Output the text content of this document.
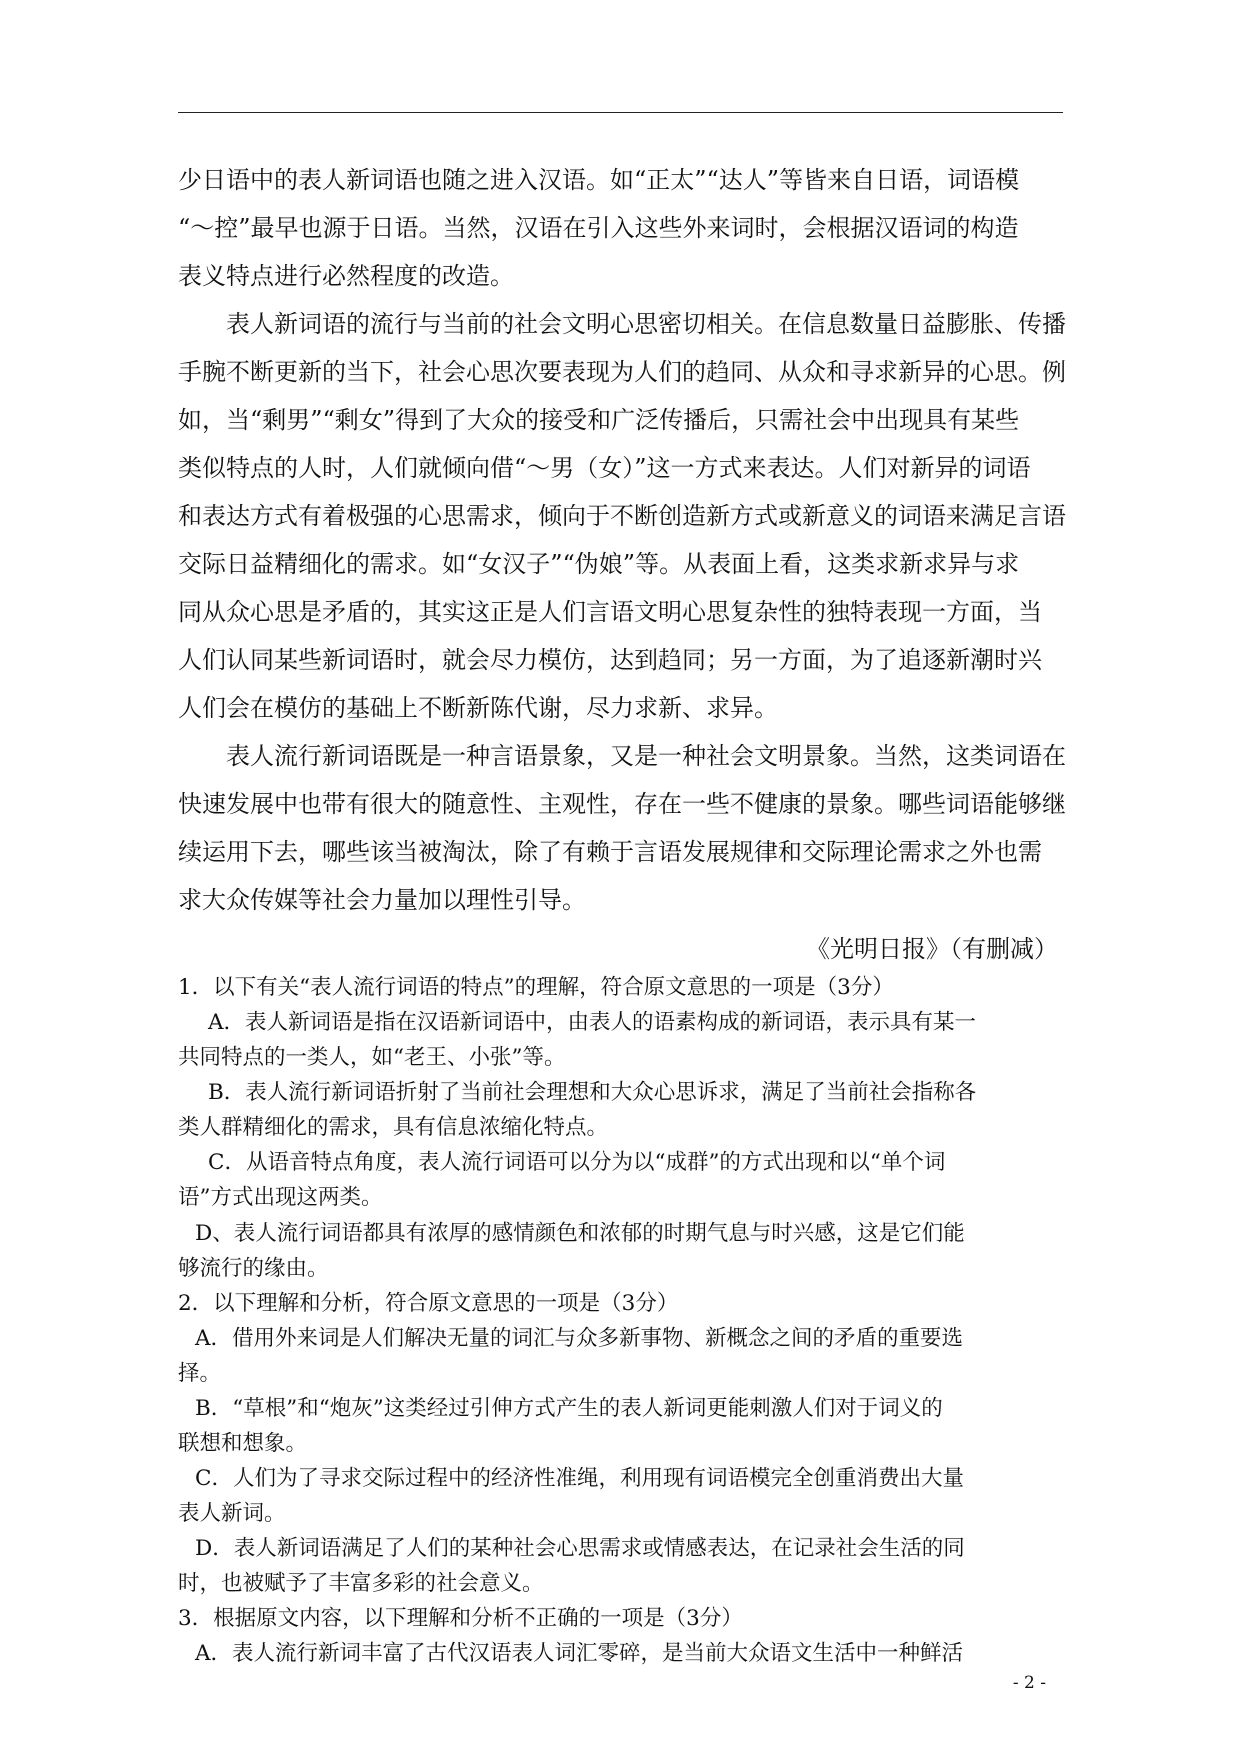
少日语中的表人新词语也随之进入汉语。如“正太”“达人”等皆来自日语，词语模
“～控”最早也源于日语。当然，汉语在引入这些外来词时，会根据汉语词的构造
表义特点进行必然程度的改造。
表人新词语的流行与当前的社会文明心思密切相关。在信息数量日益膨胀、传播
手腕不断更新的当下，社会心思次要表现为人们的趋同、从众和寻求新异的心思。例
如，当“剩男”“剩女”得到了大众的接受和广泛传播后，只需社会中出现具有某些
类似特点的人时，人们就倾向借“～男（女）”这一方式来表达。人们对新异的词语
和表达方式有着极强的心思需求，倾向于不断创造新方式或新意义的词语来满足言语
交际日益精细化的需求。如“女汉子”“伪娘”等。从表面上看，这类求新求异与求
同从众心思是矛盾的，其实这正是人们言语文明心思复杂性的独特表现一方面，当
人们认同某些新词语时，就会尽力模仿，达到趋同；另一方面，为了追逐新潮时兴
人们会在模仿的基础上不断新陈代谢，尽力求新、求异。
表人流行新词语既是一种言语景象，又是一种社会文明景象。当然，这类词语在
快速发展中也带有很大的随意性、主观性，存在一些不健康的景象。哪些词语能够继
续运用下去，哪些该当被淘汰，除了有赖于言语发展规律和交际理论需求之外也需
求大众传媒等社会力量加以理性引导。
《光明日报》（有删减）
1．以下有关“表人流行词语的特点”的理解，符合原文意思的一项是（3分）
A．表人新词语是指在汉语新词语中，由表人的语素构成的新词语，表示具有某一
共同特点的一类人，如“老王、小张”等。
B．表人流行新词语折射了当前社会理想和大众心思诉求，满足了当前社会指称各
类人群精细化的需求，具有信息浓缩化特点。
C．从语音特点角度，表人流行词语可以分为以“成群”的方式出现和以“单个词
语”方式出现这两类。
D、表人流行词语都具有浓厚的感情颜色和浓郁的时期气息与时兴感，这是它们能
够流行的缘由。
2．以下理解和分析，符合原文意思的一项是（3分）
A．借用外来词是人们解决无量的词汇与众多新事物、新概念之间的矛盾的重要选
择。
B．“草根”和“炮灰”这类经过引伸方式产生的表人新词更能刺激人们对于词义的
联想和想象。
C．人们为了寻求交际过程中的经济性准绳，利用现有词语模完全创重消费出大量
表人新词。
D．表人新词语满足了人们的某种社会心思需求或情感表达，在记录社会生活的同
时，也被赋予了丰富多彩的社会意义。
3．根据原文内容，以下理解和分析不正确的一项是（3分）
A．表人流行新词丰富了古代汉语表人词汇零碎，是当前大众语文生活中一种鲜活
- 2 -
